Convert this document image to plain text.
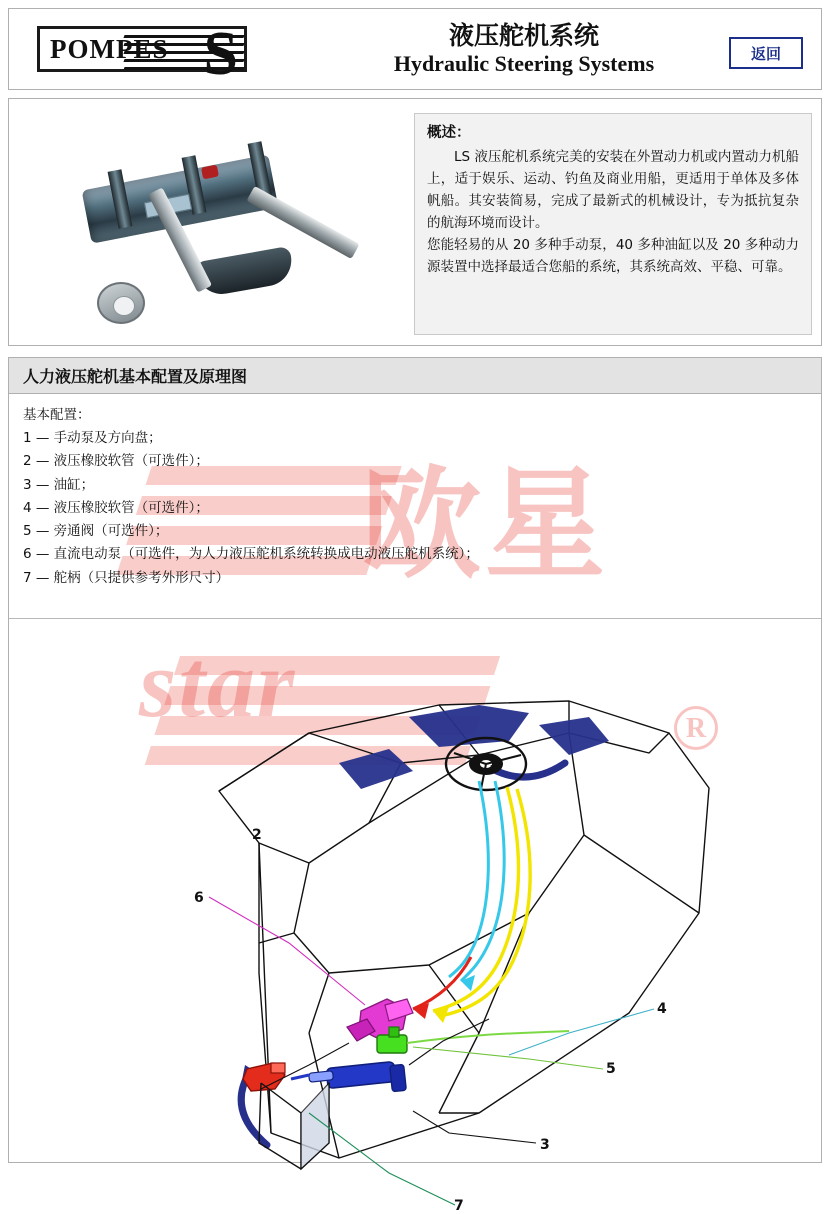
POMPES S	液压舵机系统
Hydraulic Steering Systems	返回
概述：

LS 液压舵机系统完美的安装在外置动力机或内置动力机船上，适于娱乐、运动、钓鱼及商业用船，更适用于单体及多体帆船。其安装简易，完成了最新式的机械设计，专为抵抗复杂的航海环境而设计。

您能轻易的从 20 多种手动泵，40 多种油缸以及 20 多种动力源装置中选择最适合您船的系统，其系统高效、平稳、可靠。

人力液压舵机基本配置及原理图
欧星
star	R
基本配置：
1 — 手动泵及方向盘；
2 — 液压橡胶软管（可选件）；
3 — 油缸；
4 — 液压橡胶软管（可选件）；
5 — 旁通阀（可选件）；
6 — 直流电动泵（可选件，为人力液压舵机系统转换成电动液压舵机系统）；
7 — 舵柄（只提供参考外形尺寸）
1
2
3
4
5
6
7
